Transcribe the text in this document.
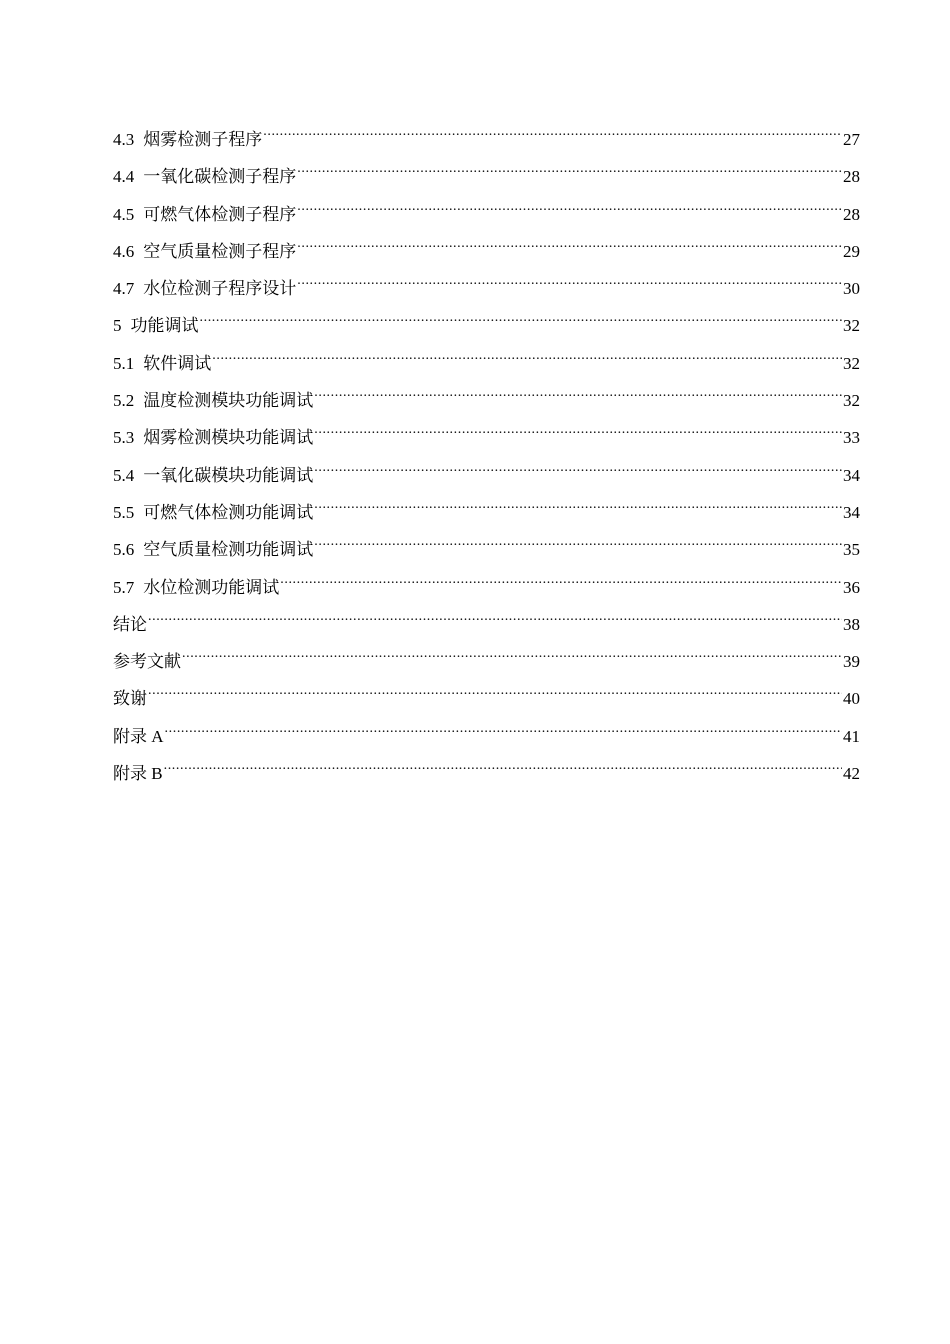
4.3 烟雾检测子程序 .....	27
4.4 一氧化碳检测子程序 .....	28
4.5 可燃气体检测子程序 .....	28
4.6 空气质量检测子程序 .....	29
4.7 水位检测子程序设计 .....	30
5 功能调试 .....	32
5.1 软件调试 .....	32
5.2 温度检测模块功能调试 .....	32
5.3 烟雾检测模块功能调试 .....	33
5.4 一氧化碳模块功能调试 .....	34
5.5 可燃气体检测功能调试 .....	34
5.6 空气质量检测功能调试 .....	35
5.7 水位检测功能调试 .....	36
结论 .....	38
参考文献 .....	39
致谢 .....	40
附录 A .....	41
附录 B .....	42
